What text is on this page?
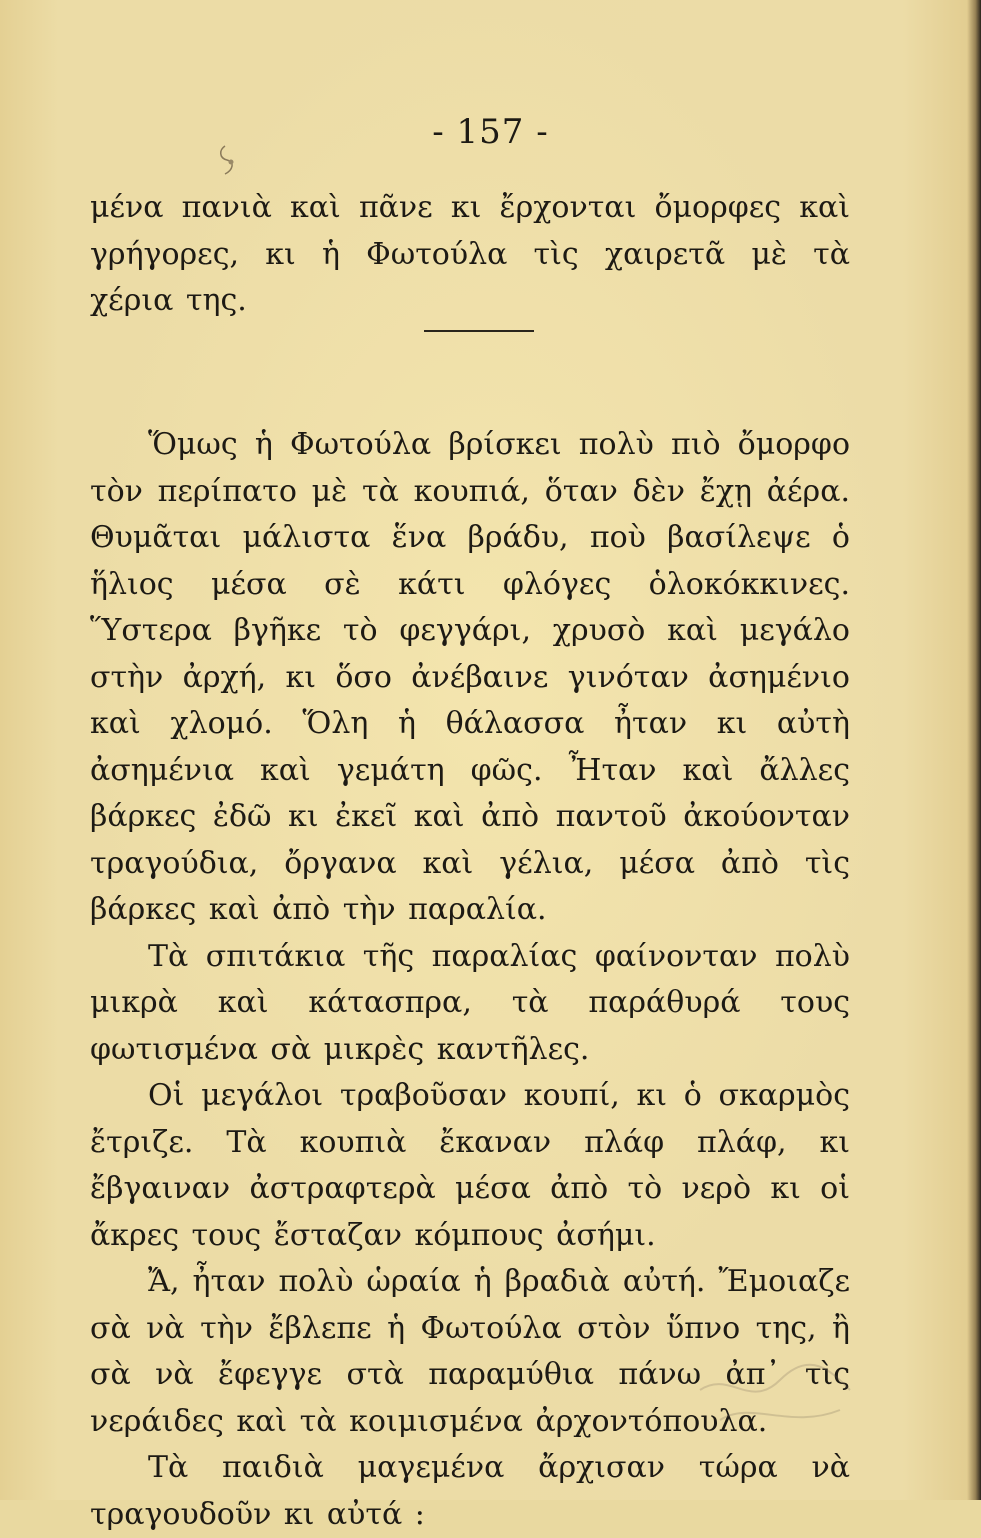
- 157 -

μένα πανιὰ καὶ πᾶνε κι ἔρχονται ὄμορφες καὶ γρήγορες, κι ἡ Φωτούλα τὶς χαιρετᾶ μὲ τὰ χέρια της.

Ὅμως ἡ Φωτούλα βρίσκει πολὺ πιὸ ὄμορφο τὸν περίπατο μὲ τὰ κουπιά, ὅταν δὲν ἔχῃ ἀέρα. Θυμᾶται μάλιστα ἕνα βράδυ, ποὺ βασίλεψε ὁ ἥλιος μέσα σὲ κάτι φλόγες ὁλοκόκκινες. Ὕστερα βγῆκε τὸ φεγγάρι, χρυσὸ καὶ μεγάλο στὴν ἀρχή, κι ὅσο ἀνέβαινε γινόταν ἀσημένιο καὶ χλομό. Ὅλη ἡ θάλασσα ἦταν κι αὐτὴ ἀσημένια καὶ γεμάτη φῶς. Ἦταν καὶ ἄλλες βάρκες ἐδῶ κι ἐκεῖ καὶ ἀπὸ παντοῦ ἀκούονταν τραγούδια, ὄργανα καὶ γέλια, μέσα ἀπὸ τὶς βάρκες καὶ ἀπὸ τὴν παραλία.

Τὰ σπιτάκια τῆς παραλίας φαίνονταν πολὺ μικρὰ καὶ κάτασπρα, τὰ παράθυρά τους φωτισμένα σὰ μικρὲς καντῆλες.

Οἱ μεγάλοι τραβοῦσαν κουπί, κι ὁ σκαρμὸς ἔτριζε. Τὰ κουπιὰ ἔκαναν πλάφ πλάφ, κι ἔβγαιναν ἀστραφτερὰ μέσα ἀπὸ τὸ νερὸ κι οἱ ἄκρες τους ἔσταζαν κόμπους ἀσήμι.

Ἄ, ἦταν πολὺ ὡραία ἡ βραδιὰ αὐτή. Ἔμοιαζε σὰ νὰ τὴν ἔβλεπε ἡ Φωτούλα στὸν ὕπνο της, ἢ σὰ νὰ ἔφεγγε στὰ παραμύθια πάνω ἀπ᾽ τὶς νεράιδες καὶ τὰ κοιμισμένα ἀρχοντόπουλα.

Τὰ παιδιὰ μαγεμένα ἄρχισαν τώρα νὰ τραγουδοῦν κι αὐτά :
